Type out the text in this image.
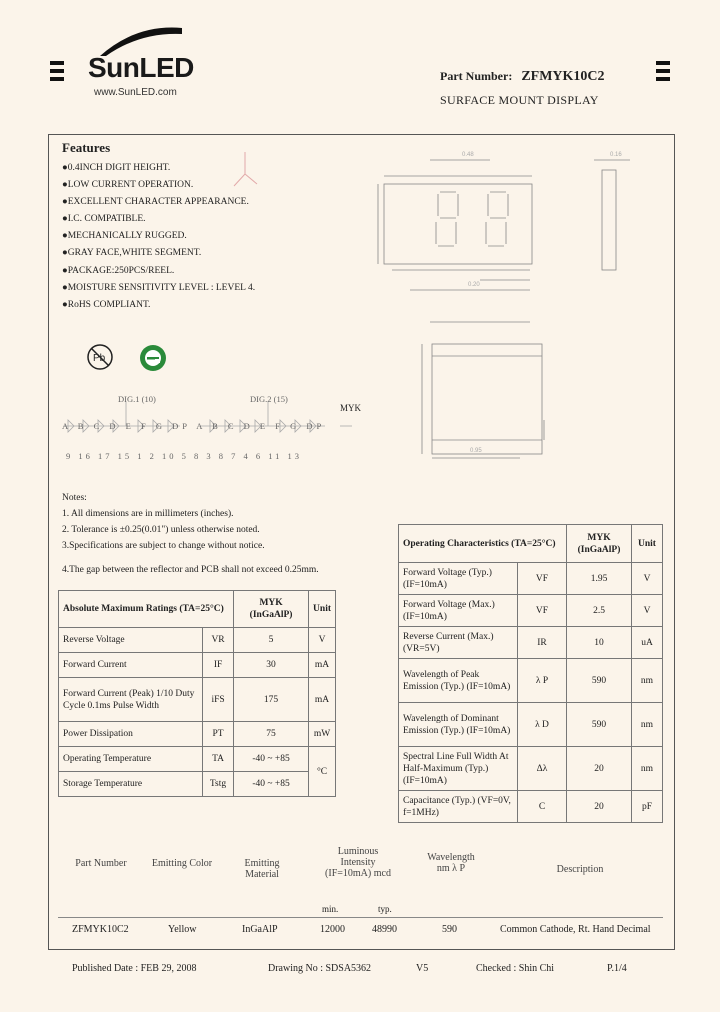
SunLED
www.SunLED.com
Part Number: ZFMYK10C2
SURFACE MOUNT DISPLAY
Features
●0.4INCH DIGIT HEIGHT.
●LOW CURRENT OPERATION.
●EXCELLENT CHARACTER APPEARANCE.
●I.C. COMPATIBLE.
●MECHANICALLY RUGGED.
●GRAY FACE,WHITE SEGMENT.
●PACKAGE:250PCS/REEL.
●MOISTURE SENSITIVITY LEVEL : LEVEL 4.
●RoHS COMPLIANT.
Pb
DIG.1 (10)	DIG.2 (15)
MYK
A B C D E F G DP A B C D E F G DP
9 16 17 15 1 2 10 5 8 3 8 7 4 6 11 13
0.48	0.16
0.20
0.95

Notes:

1. All dimensions are in millimeters (inches).

2. Tolerance is ±0.25(0.01") unless otherwise noted.

3.Specifications are subject to change without notice.

4.The gap between the reflector and PCB shall not exceed 0.25mm.

Absolute Maximum Ratings (TA=25°C)		MYK (InGaAlP)	Unit
Reverse Voltage	VR	5	V
Forward Current	IF	30	mA
Forward Current (Peak) 1/10 Duty Cycle 0.1ms Pulse Width	iFS	175	mA
Power Dissipation	PT	75	mW
Operating Temperature	TA	-40 ~ +85	°C
Storage Temperature	Tstg	-40 ~ +85	
Operating Characteristics (TA=25°C)		MYK (InGaAlP)	Unit
Forward Voltage (Typ.) (IF=10mA)	VF	1.95	V
Forward Voltage (Max.) (IF=10mA)	VF	2.5	V
Reverse Current (Max.) (VR=5V)	IR	10	uA
Wavelength of Peak Emission (Typ.) (IF=10mA)	λ P	590	nm
Wavelength of Dominant Emission (Typ.) (IF=10mA)	λ D	590	nm
Spectral Line Full Width At Half-Maximum (Typ.) (IF=10mA)	Δλ	20	nm
Capacitance (Typ.) (VF=0V, f=1MHz)	C	20	pF
Part Number	Emitting Color	Emitting Material
Luminous Intensity (IF=10mA) mcd
Wavelength nm λ P	Description
min.	typ.
ZFMYK10C2	Yellow	InGaAlP	12000	48990	590	Common Cathode, Rt. Hand Decimal
Published Date : FEB 29, 2008	Drawing No : SDSA5362	V5	Checked : Shin Chi	P.1/4
